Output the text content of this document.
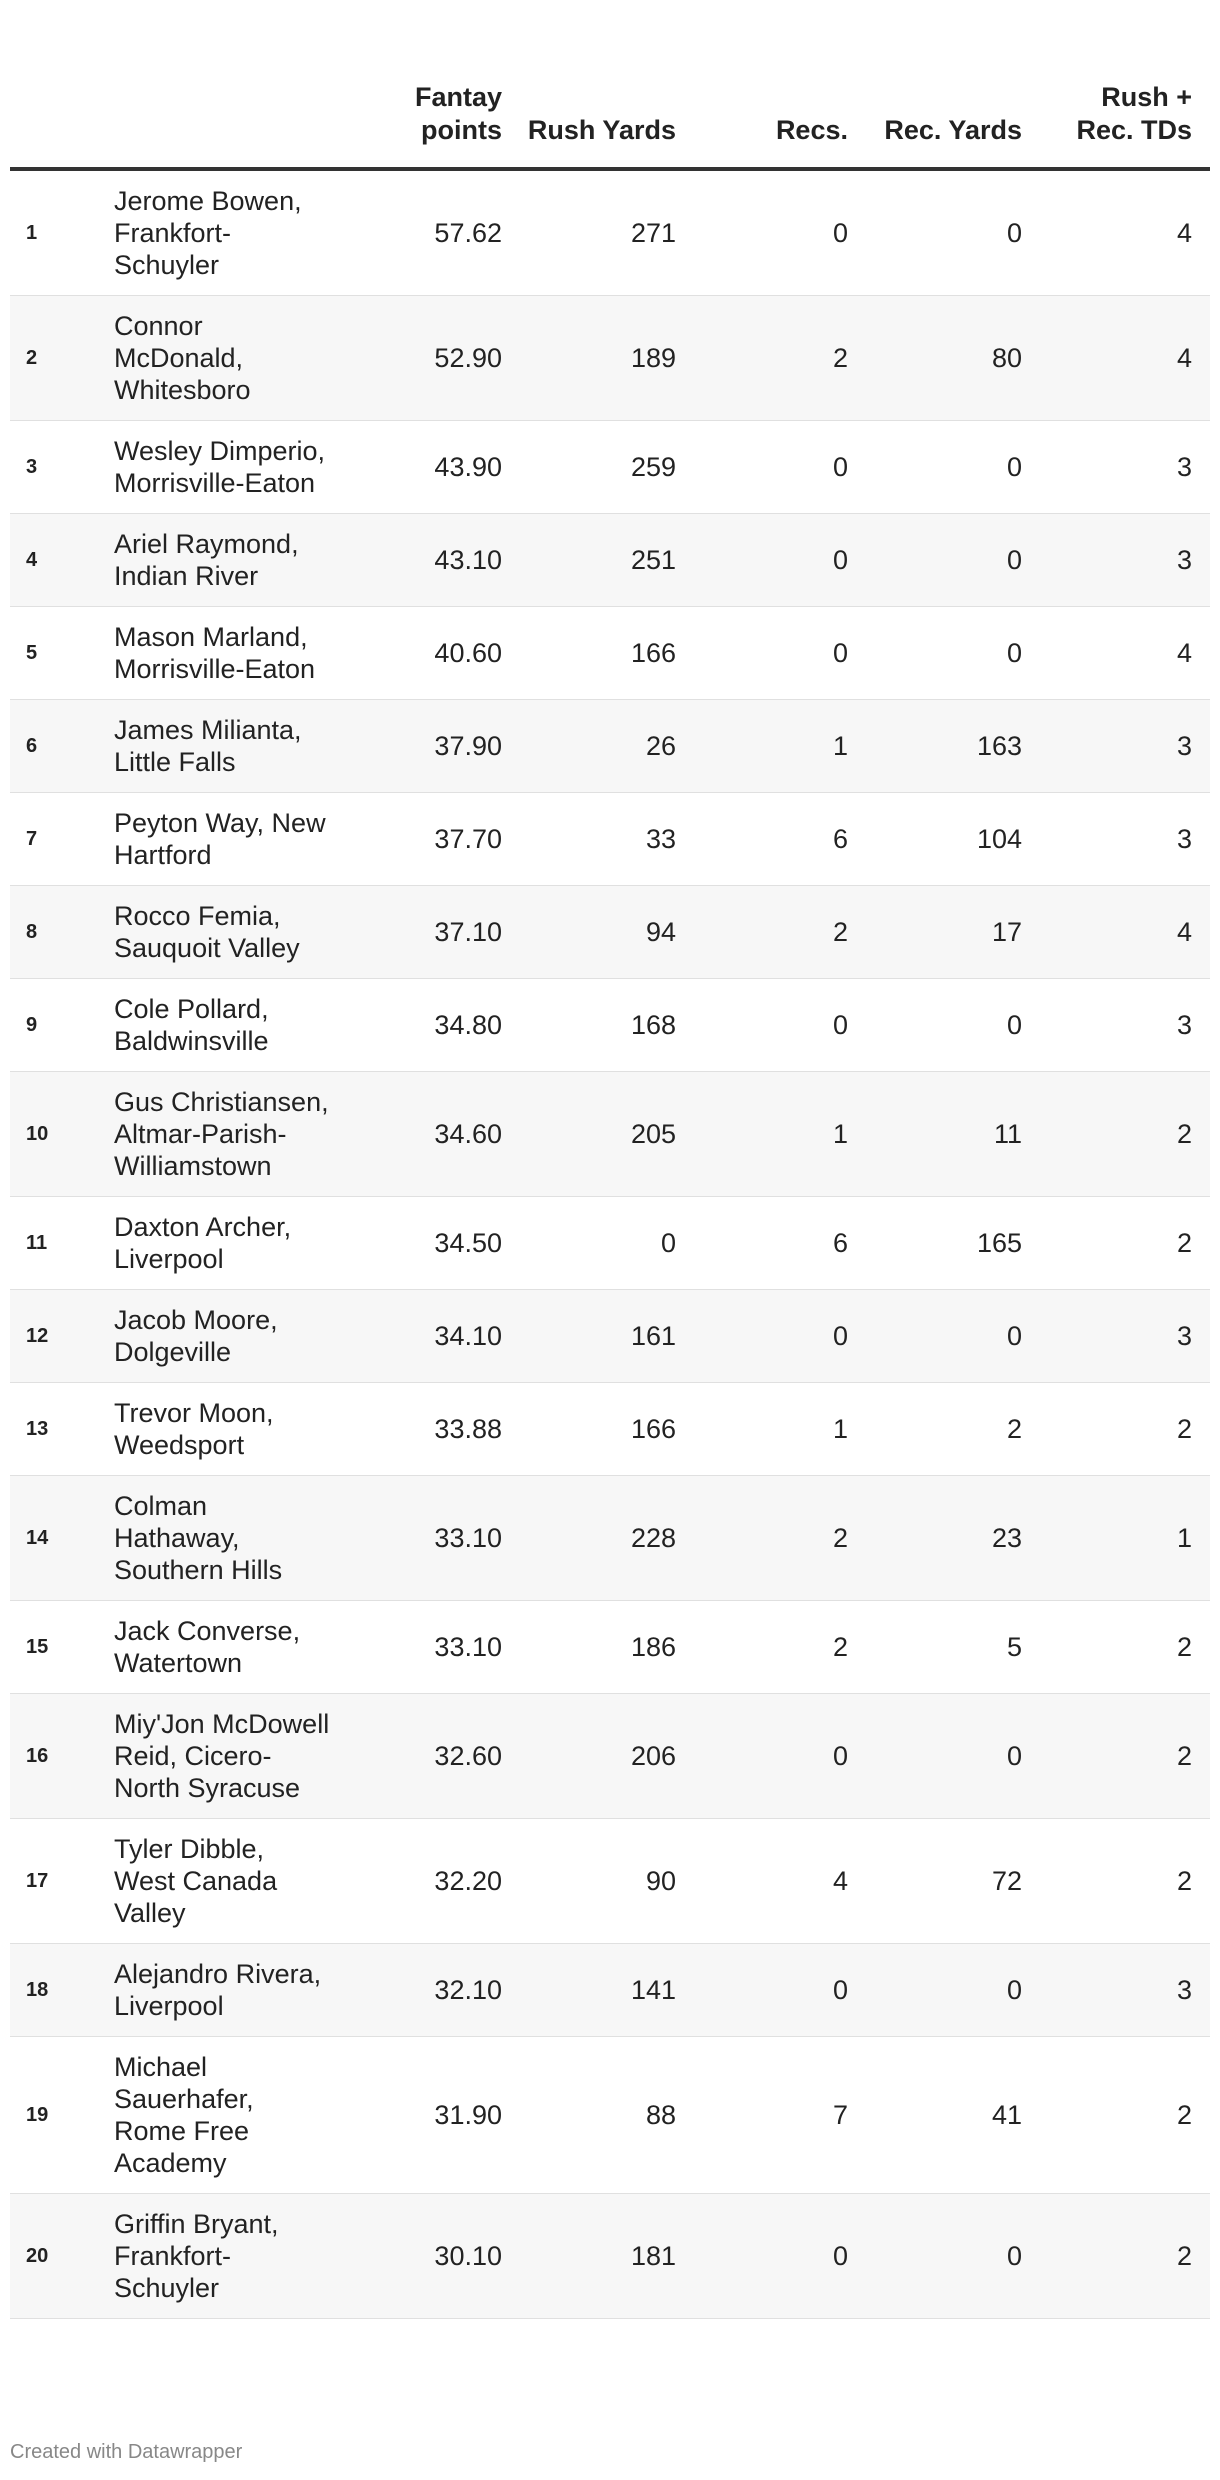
		Fantay points	Rush Yards	Recs.	Rec. Yards	Rush + Rec. TDs
1	Jerome Bowen, Frankfort-Schuyler	57.62	271	0	0	4
2	Connor McDonald, Whitesboro	52.90	189	2	80	4
3	Wesley Dimperio, Morrisville-Eaton	43.90	259	0	0	3
4	Ariel Raymond, Indian River	43.10	251	0	0	3
5	Mason Marland, Morrisville-Eaton	40.60	166	0	0	4
6	James Milianta, Little Falls	37.90	26	1	163	3
7	Peyton Way, New Hartford	37.70	33	6	104	3
8	Rocco Femia, Sauquoit Valley	37.10	94	2	17	4
9	Cole Pollard, Baldwinsville	34.80	168	0	0	3
10	Gus Christiansen, Altmar-Parish-Williamstown	34.60	205	1	11	2
11	Daxton Archer, Liverpool	34.50	0	6	165	2
12	Jacob Moore, Dolgeville	34.10	161	0	0	3
13	Trevor Moon, Weedsport	33.88	166	1	2	2
14	Colman Hathaway, Southern Hills	33.10	228	2	23	1
15	Jack Converse, Watertown	33.10	186	2	5	2
16	Miy'Jon McDowell Reid, Cicero-North Syracuse	32.60	206	0	0	2
17	Tyler Dibble, West Canada Valley	32.20	90	4	72	2
18	Alejandro Rivera, Liverpool	32.10	141	0	0	3
19	Michael Sauerhafer, Rome Free Academy	31.90	88	7	41	2
20	Griffin Bryant, Frankfort-Schuyler	30.10	181	0	0	2
Created with Datawrapper
